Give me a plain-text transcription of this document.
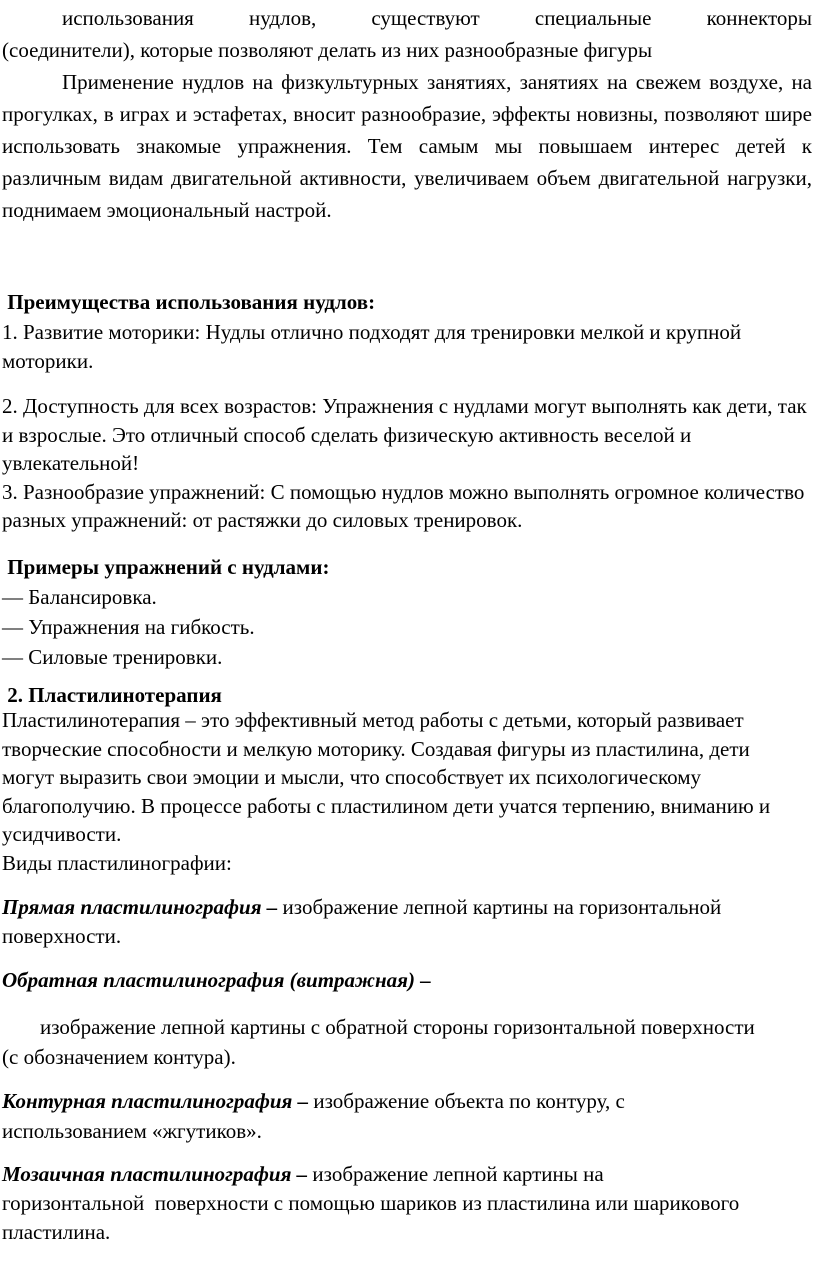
использования	нудлов,	существуют	специальные	коннекторы
(соединители), которые позволяют делать из них разнообразные фигуры

Применение нудлов на физкультурных занятиях, занятиях на свежем воздухе, на прогулках, в играх и эстафетах, вносит разнообразие, эффекты новизны, позволяют шире использовать знакомые упражнения. Тем самым мы повышаем интерес детей к различным видам двигательной активности, увеличиваем объем двигательной нагрузки, поднимаем эмоциональный настрой.

Преимущества использования нудлов:

1. Развитие моторики: Нудлы отлично подходят для тренировки мелкой и крупной моторики.

2. Доступность для всех возрастов: Упражнения с нудлами могут выполнять как дети, так и взрослые. Это отличный способ сделать физическую активность веселой и увлекательной!
3. Разнообразие упражнений: С помощью нудлов можно выполнять огромное количество разных упражнений: от растяжки до силовых тренировок.

Примеры упражнений с нудлами:
— Балансировка.
— Упражнения на гибкость.
— Силовые тренировки.
2. Пластилинотерапия

Пластилинотерапия – это эффективный метод работы с детьми, который развивает творческие способности и мелкую моторику. Создавая фигуры из пластилина, дети могут выразить свои эмоции и мысли, что способствует их психологическому благополучию. В процессе работы с пластилином дети учатся терпению, вниманию и усидчивости.
Виды пластилинографии:

Прямая пластилинография – изображение лепной картины на горизонтальной поверхности.

Обратная пластилинография (витражная) –

изображение лепной картины с обратной стороны горизонтальной поверхности (с обозначением контура).

Контурная пластилинография – изображение объекта по контуру, с использованием «жгутиков».

Мозаичная пластилинография – изображение лепной картины на горизонтальной  поверхности с помощью шариков из пластилина или шарикового пластилина.
